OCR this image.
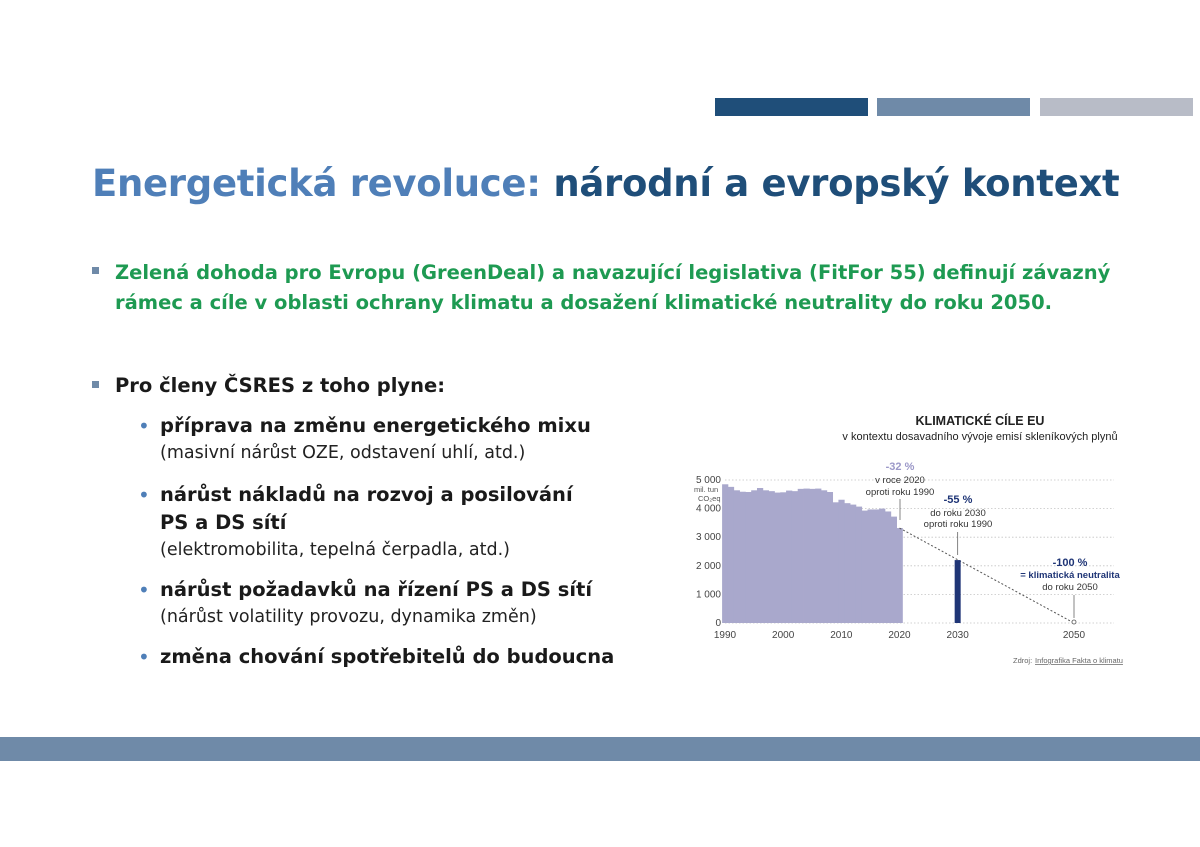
Energetická revoluce: národní a evropský kontext
Zelená dohoda pro Evropu (GreenDeal) a navazující legislativa (FitFor 55) definují závazný rámec a cíle v oblasti ochrany klimatu a dosažení klimatické neutrality do roku 2050.
Pro členy ČSRES z toho plyne:
• příprava na změnu energetického mixu
(masivní nárůst OZE, odstavení uhlí, atd.)
• nárůst nákladů na rozvoj a posilování PS a DS sítí
(elektromobilita, tepelná čerpadla, atd.)
• nárůst požadavků na řízení PS a DS sítí
(nárůst volatility provozu, dynamika změn)
• změna chování spotřebitelů do budoucna
KLIMATICKÉ CÍLE EU
v kontextu dosavadního vývoje emisí skleníkových plynů
mil. tun
CO₂eq
0
1 000
2 000
3 000
4 000
5 000
1990	2000	2010	2020	2030	2050
-32 %
v roce 2020
oproti roku 1990
-55 %
do roku 2030
oproti roku 1990
-100 %
= klimatická neutralita
do roku 2050
Zdroj: Infografika Fakta o klimatu
